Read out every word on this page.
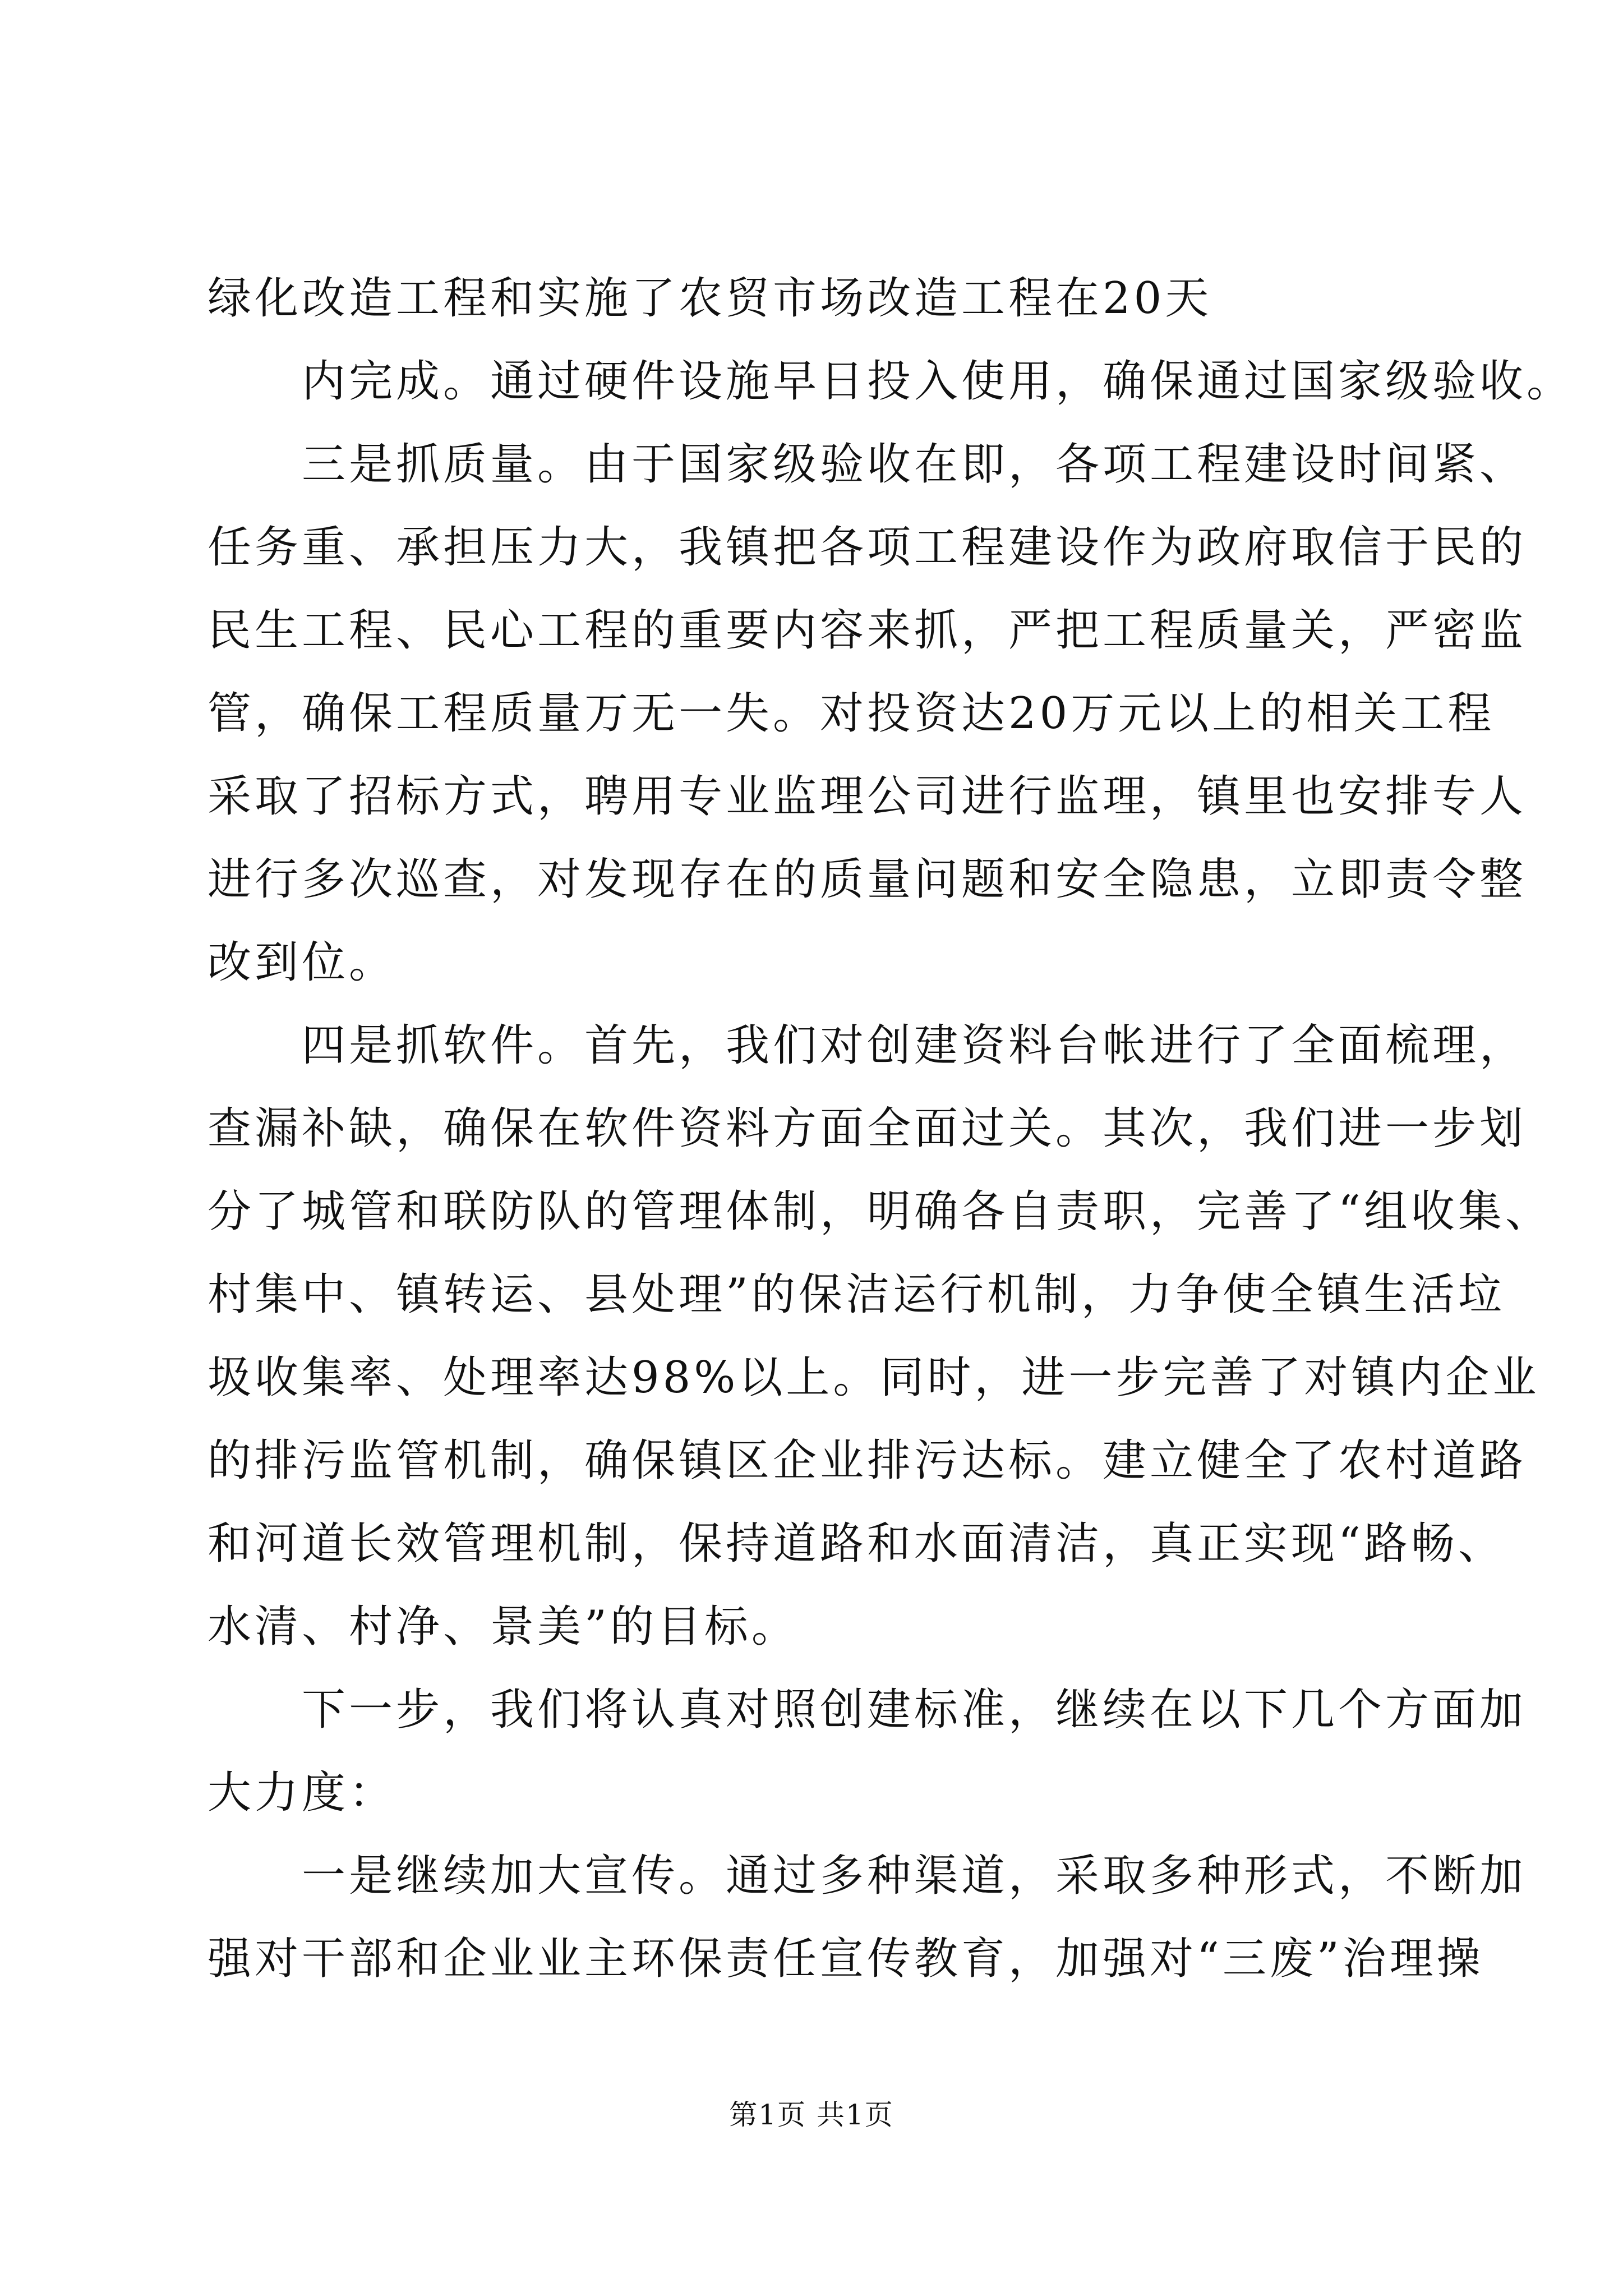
绿化改造工程和实施了农贸市场改造工程在20天
内完成。通过硬件设施早日投入使用，确保通过国家级验收。
三是抓质量。由于国家级验收在即，各项工程建设时间紧、
任务重、承担压力大，我镇把各项工程建设作为政府取信于民的
民生工程、民心工程的重要内容来抓，严把工程质量关，严密监
管，确保工程质量万无一失。对投资达20万元以上的相关工程
采取了招标方式，聘用专业监理公司进行监理，镇里也安排专人
进行多次巡查，对发现存在的质量问题和安全隐患，立即责令整
改到位。
四是抓软件。首先，我们对创建资料台帐进行了全面梳理，
查漏补缺，确保在软件资料方面全面过关。其次，我们进一步划
分了城管和联防队的管理体制，明确各自责职，完善了“组收集、
村集中、镇转运、县处理”的保洁运行机制，力争使全镇生活垃
圾收集率、处理率达98%以上。同时，进一步完善了对镇内企业
的排污监管机制，确保镇区企业排污达标。建立健全了农村道路
和河道长效管理机制，保持道路和水面清洁，真正实现“路畅、
水清、村净、景美”的目标。
下一步，我们将认真对照创建标准，继续在以下几个方面加
大力度：
一是继续加大宣传。通过多种渠道，采取多种形式，不断加
强对干部和企业业主环保责任宣传教育，加强对“三废”治理操
第1页 共1页
